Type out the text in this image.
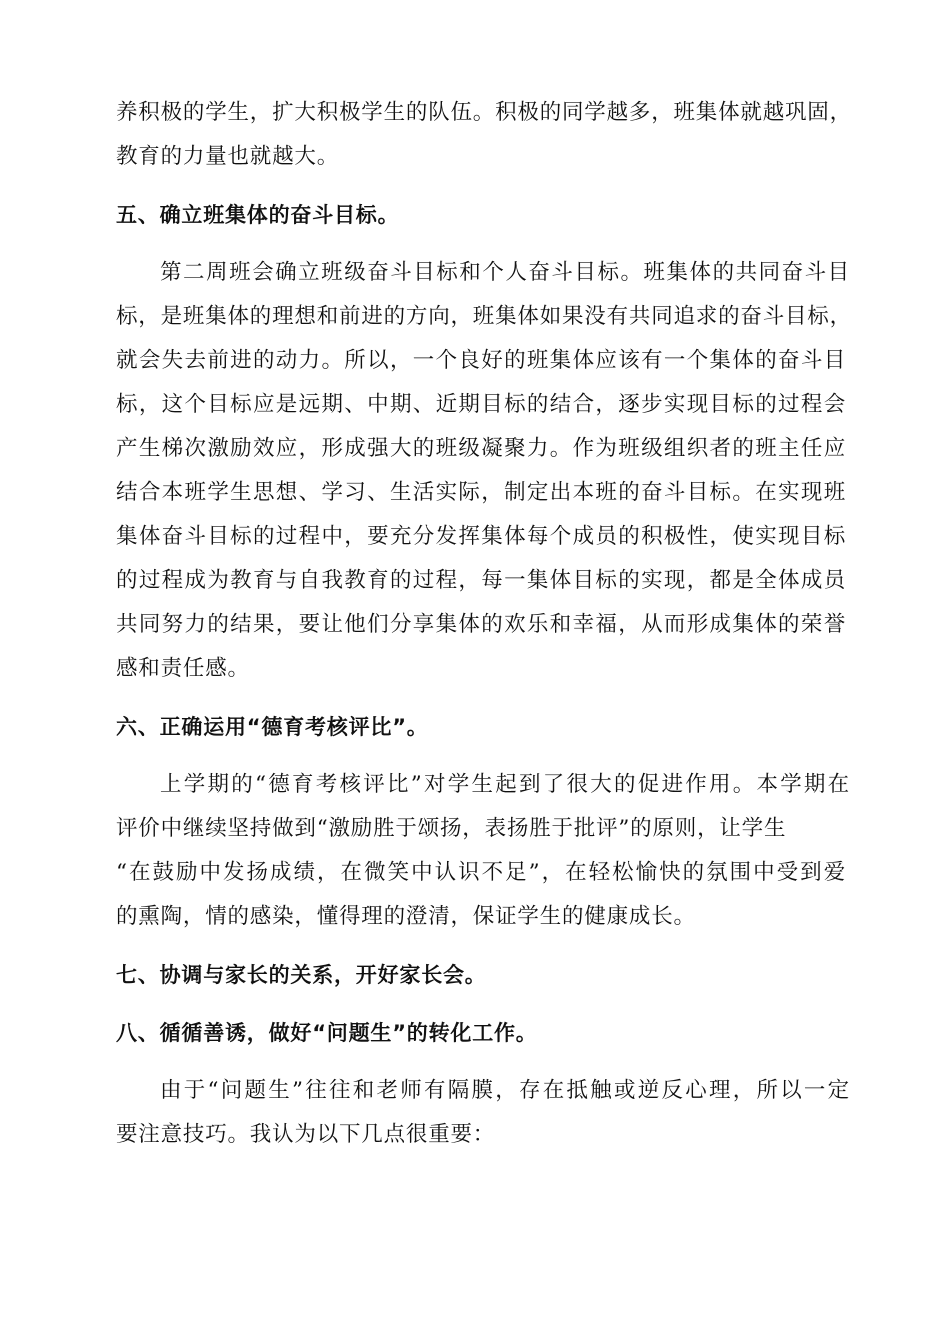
养积极的学生，扩大积极学生的队伍。积极的同学越多，班集体就越巩固，
教育的力量也就越大。
五、确立班集体的奋斗目标。
第二周班会确立班级奋斗目标和个人奋斗目标。班集体的共同奋斗目
标，是班集体的理想和前进的方向，班集体如果没有共同追求的奋斗目标，
就会失去前进的动力。所以，一个良好的班集体应该有一个集体的奋斗目
标，这个目标应是远期、中期、近期目标的结合，逐步实现目标的过程会
产生梯次激励效应，形成强大的班级凝聚力。作为班级组织者的班主任应
结合本班学生思想、学习、生活实际，制定出本班的奋斗目标。在实现班
集体奋斗目标的过程中，要充分发挥集体每个成员的积极性，使实现目标
的过程成为教育与自我教育的过程，每一集体目标的实现，都是全体成员
共同努力的结果，要让他们分享集体的欢乐和幸福，从而形成集体的荣誉
感和责任感。
六、正确运用“德育考核评比”。
上学期的“德育考核评比”对学生起到了很大的促进作用。本学期在
评价中继续坚持做到“激励胜于颂扬，表扬胜于批评”的原则，让学生
“在鼓励中发扬成绩，在微笑中认识不足”，在轻松愉快的氛围中受到爱
的熏陶，情的感染，懂得理的澄清，保证学生的健康成长。
七、协调与家长的关系，开好家长会。
八、循循善诱，做好“问题生”的转化工作。
由于“问题生”往往和老师有隔膜，存在抵触或逆反心理，所以一定
要注意技巧。我认为以下几点很重要：
